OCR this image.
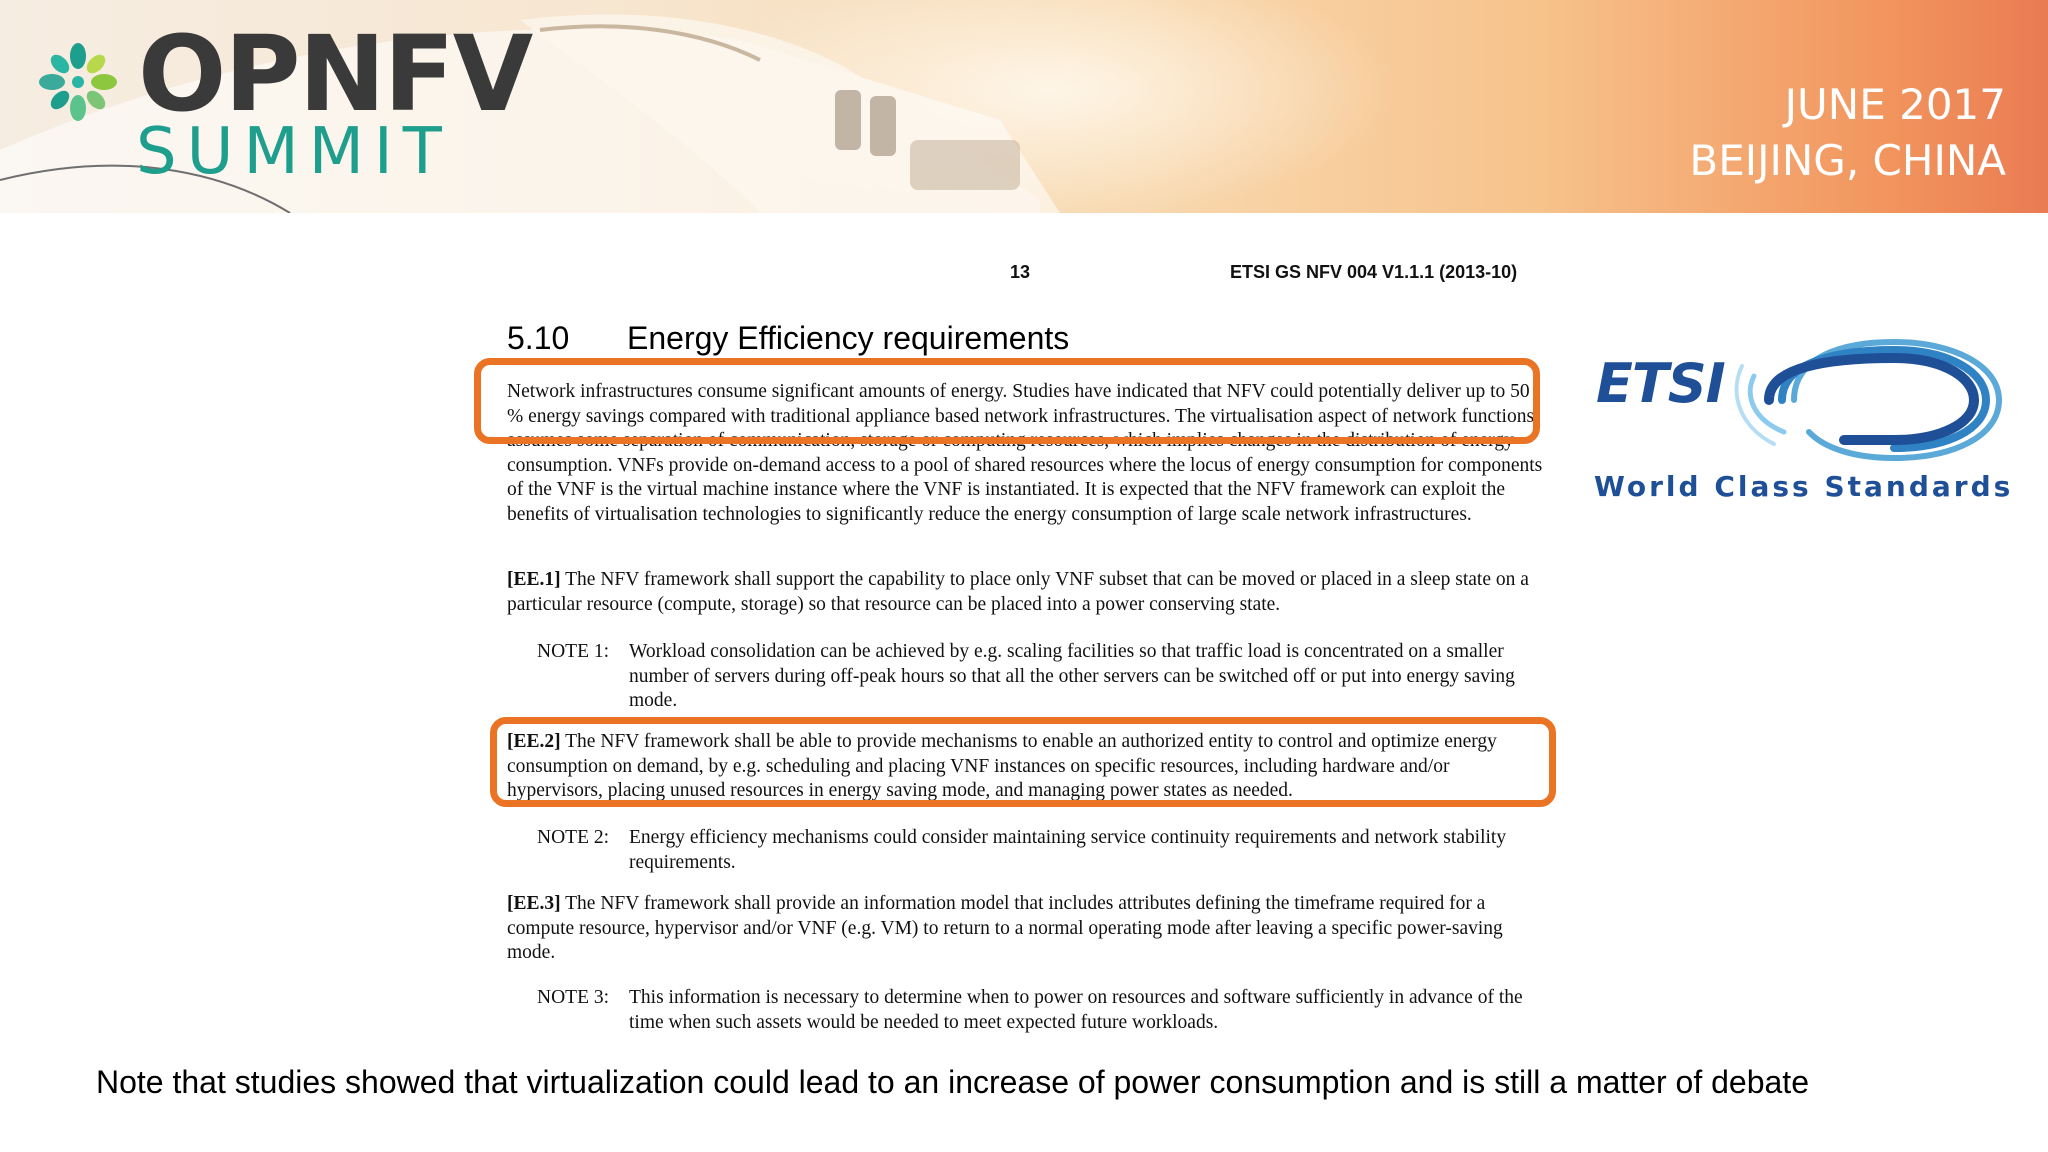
OPNFV
SUMMIT
JUNE 2017
BEIJING, CHINA
13	ETSI GS NFV 004 V1.1.1 (2013-10)
5.10 Energy Efficiency requirements

Network infrastructures consume significant amounts of energy. Studies have indicated that NFV could potentially deliver up to 50 % energy savings compared with traditional appliance based network infrastructures. The virtualisation aspect of network functions assumes some separation of communication, storage or computing resources, which implies changes in the distribution of energy consumption. VNFs provide on-demand access to a pool of shared resources where the locus of energy consumption for components of the VNF is the virtual machine instance where the VNF is instantiated. It is expected that the NFV framework can exploit the benefits of virtualisation technologies to significantly reduce the energy consumption of large scale network infrastructures.

[EE.1] The NFV framework shall support the capability to place only VNF subset that can be moved or placed in a sleep state on a particular resource (compute, storage) so that resource can be placed into a power conserving state.

NOTE 1:	Workload consolidation can be achieved by e.g. scaling facilities so that traffic load is concentrated on a smaller number of servers during off-peak hours so that all the other servers can be switched off or put into energy saving mode.

[EE.2] The NFV framework shall be able to provide mechanisms to enable an authorized entity to control and optimize energy consumption on demand, by e.g. scheduling and placing VNF instances on specific resources, including hardware and/or hypervisors, placing unused resources in energy saving mode, and managing power states as needed.

NOTE 2:	Energy efficiency mechanisms could consider maintaining service continuity requirements and network stability requirements.

[EE.3] The NFV framework shall provide an information model that includes attributes defining the timeframe required for a compute resource, hypervisor and/or VNF (e.g. VM) to return to a normal operating mode after leaving a specific power-saving mode.

NOTE 3:	This information is necessary to determine when to power on resources and software sufficiently in advance of the time when such assets would be needed to meet expected future workloads.
ETSI
World Class Standards
Note that studies showed that virtualization could lead to an increase of power consumption and is still a matter of debate
